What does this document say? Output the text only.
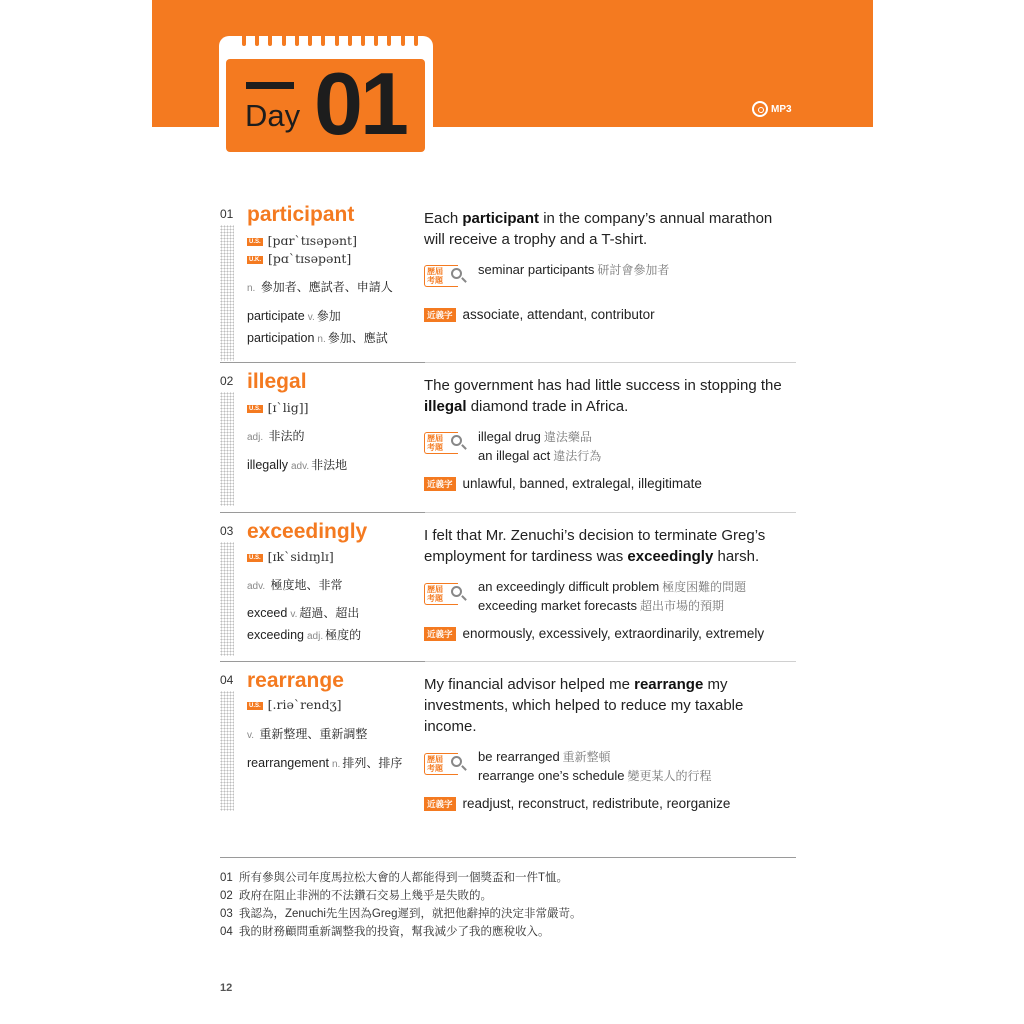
Day 01	MP3
01 participant
U.S. [pɑr`tɪsəpənt]
U.K. [pɑ`tɪsəpənt]
n. 參加者、應試者、申請人
participate v. 參加
participation n. 參加、應試
Each participant in the company’s annual marathon will receive a trophy and a T-shirt.
歷屆
考題
seminar participants 研討會參加者
近義字 associate, attendant, contributor
02 illegal
U.S. [ɪ`lig]]
adj. 非法的
illegally adv. 非法地
The government has had little success in stopping the illegal diamond trade in Africa.
歷屆
考題
illegal drug 違法藥品
an illegal act 違法行為
近義字 unlawful, banned, extralegal, illegitimate
03 exceedingly
U.S. [ɪk`sidɪŋlɪ]
adv. 極度地、非常
exceed v. 超過、超出
exceeding adj. 極度的
I felt that Mr. Zenuchi’s decision to terminate Greg’s employment for tardiness was exceedingly harsh.
歷屆
考題
an exceedingly difficult problem 極度困難的問題
exceeding market forecasts 超出市場的預期
近義字 enormously, excessively, extraordinarily, extremely
04 rearrange
U.S. [.riə`rendʒ]
v. 重新整理、重新調整
rearrangement n. 排列、排序
My financial advisor helped me rearrange my investments, which helped to reduce my taxable income.
歷屆
考題
be rearranged 重新整頓
rearrange one’s schedule 變更某人的行程
近義字 readjust, reconstruct, redistribute, reorganize
01 所有參與公司年度馬拉松大會的人都能得到一個獎盃和一件T恤。
02 政府在阻止非洲的不法鑽石交易上幾乎是失敗的。
03 我認為，Zenuchi先生因為Greg遲到，就把他辭掉的決定非常嚴苛。
04 我的財務顧問重新調整我的投資，幫我減少了我的應稅收入。
12
